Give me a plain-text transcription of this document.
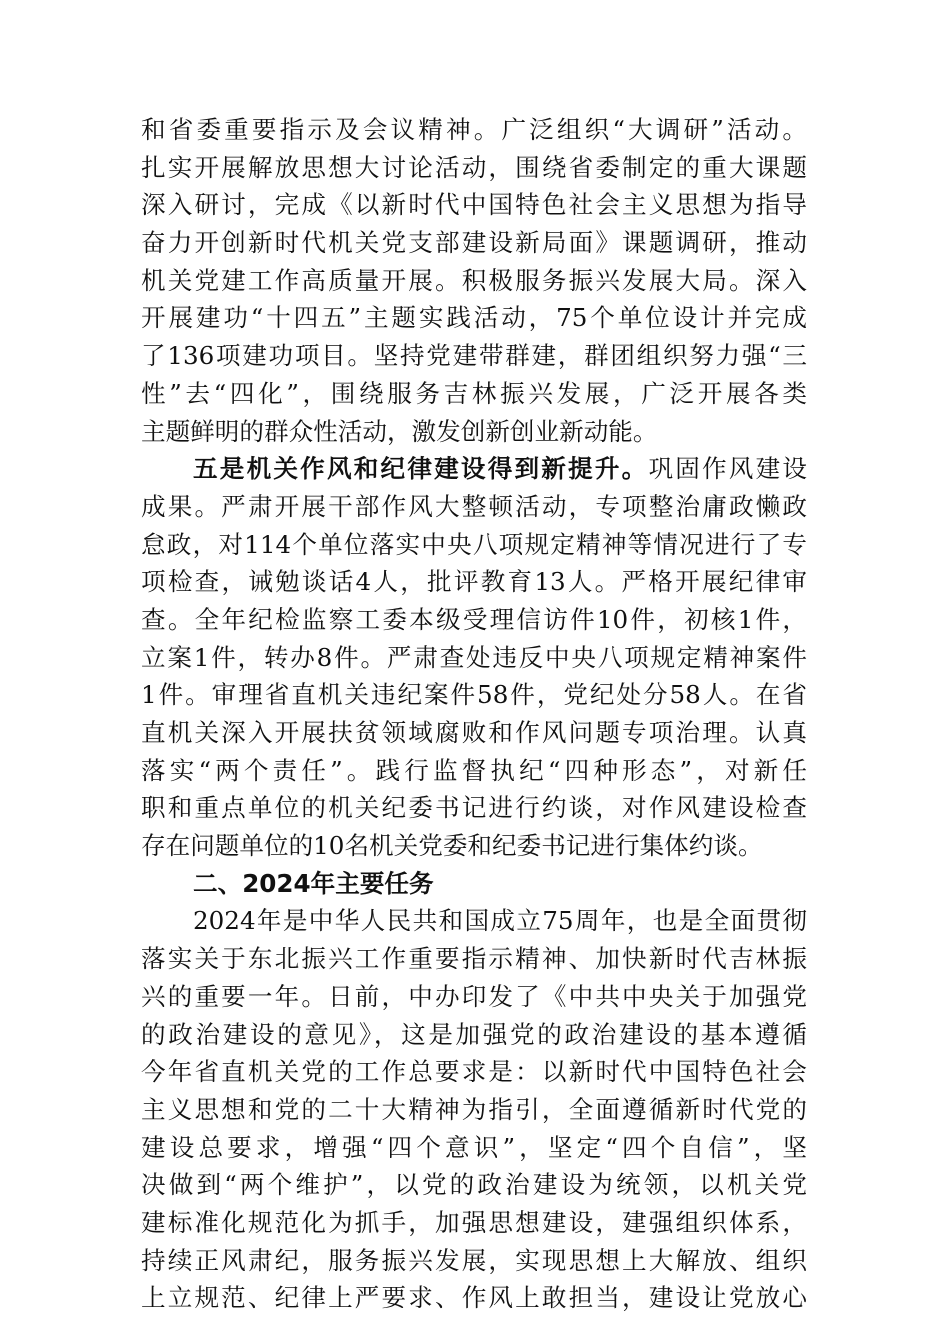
和省委重要指示及会议精神。广泛组织“大调研”活动。
扎实开展解放思想大讨论活动，围绕省委制定的重大课题
深入研讨，完成《以新时代中国特色社会主义思想为指导
奋力开创新时代机关党支部建设新局面》课题调研，推动
机关党建工作高质量开展。积极服务振兴发展大局。深入
开展建功“十四五”主题实践活动，75个单位设计并完成
了136项建功项目。坚持党建带群建，群团组织努力强“三
性”去“四化”，围绕服务吉林振兴发展，广泛开展各类
主题鲜明的群众性活动，激发创新创业新动能。
五是机关作风和纪律建设得到新提升。巩固作风建设
成果。严肃开展干部作风大整顿活动，专项整治庸政懒政
怠政，对114个单位落实中央八项规定精神等情况进行了专
项检查，诫勉谈话4人，批评教育13人。严格开展纪律审
查。全年纪检监察工委本级受理信访件10件，初核1件，
立案1件，转办8件。严肃查处违反中央八项规定精神案件
1件。审理省直机关违纪案件58件，党纪处分58人。在省
直机关深入开展扶贫领域腐败和作风问题专项治理。认真
落实“两个责任”。践行监督执纪“四种形态”，对新任
职和重点单位的机关纪委书记进行约谈，对作风建设检查
存在问题单位的10名机关党委和纪委书记进行集体约谈。
二、2024年主要任务
2024年是中华人民共和国成立75周年，也是全面贯彻
落实关于东北振兴工作重要指示精神、加快新时代吉林振
兴的重要一年。日前，中办印发了《中共中央关于加强党
的政治建设的意见》，这是加强党的政治建设的基本遵循
今年省直机关党的工作总要求是：以新时代中国特色社会
主义思想和党的二十大精神为指引，全面遵循新时代党的
建设总要求，增强“四个意识”，坚定“四个自信”，坚
决做到“两个维护”，以党的政治建设为统领，以机关党
建标准化规范化为抓手，加强思想建设，建强组织体系，
持续正风肃纪，服务振兴发展，实现思想上大解放、组织
上立规范、纪律上严要求、作风上敢担当，建设让党放心
